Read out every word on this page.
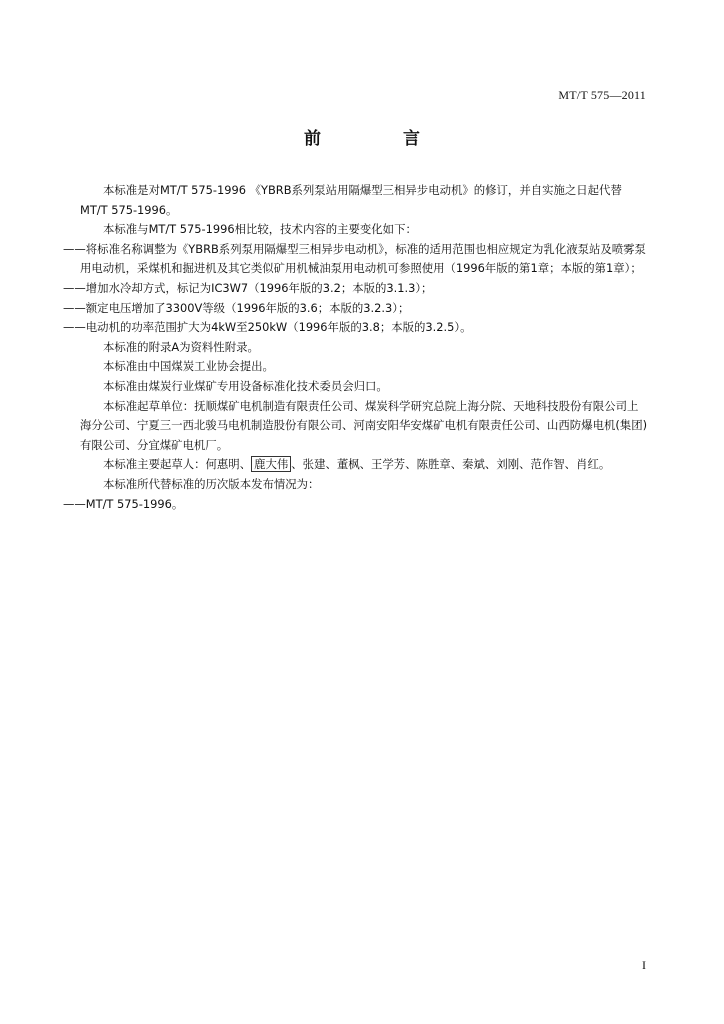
MT/T 575—2011
前 言

本标准是对MT/T 575-1996 《YBRB系列泵站用隔爆型三相异步电动机》的修订，并自实施之日起代替MT/T 575-1996。

本标准与MT/T 575-1996相比较，技术内容的主要变化如下：

——将标准名称调整为《YBRB系列泵用隔爆型三相异步电动机》，标准的适用范围也相应规定为乳化液泵站及喷雾泵用电动机，采煤机和掘进机及其它类似矿用机械油泵用电动机可参照使用（1996年版的第1章；本版的第1章）；

——增加水冷却方式，标记为IC3W7（1996年版的3.2；本版的3.1.3）；

——额定电压增加了3300V等级（1996年版的3.6；本版的3.2.3）；

——电动机的功率范围扩大为4kW至250kW（1996年版的3.8；本版的3.2.5）。

本标准的附录A为资料性附录。

本标准由中国煤炭工业协会提出。

本标准由煤炭行业煤矿专用设备标准化技术委员会归口。

本标准起草单位：抚顺煤矿电机制造有限责任公司、煤炭科学研究总院上海分院、天地科技股份有限公司上海分公司、宁夏三一西北骏马电机制造股份有限公司、河南安阳华安煤矿电机有限责任公司、山西防爆电机(集团)有限公司、分宜煤矿电机厂。

本标准主要起草人：何惠明、 鹿大伟 、张建、董枫、王学芳、陈胜章、秦斌、刘刚、范作智、肖红。

本标准所代替标准的历次版本发布情况为：

——MT/T 575-1996。

I
